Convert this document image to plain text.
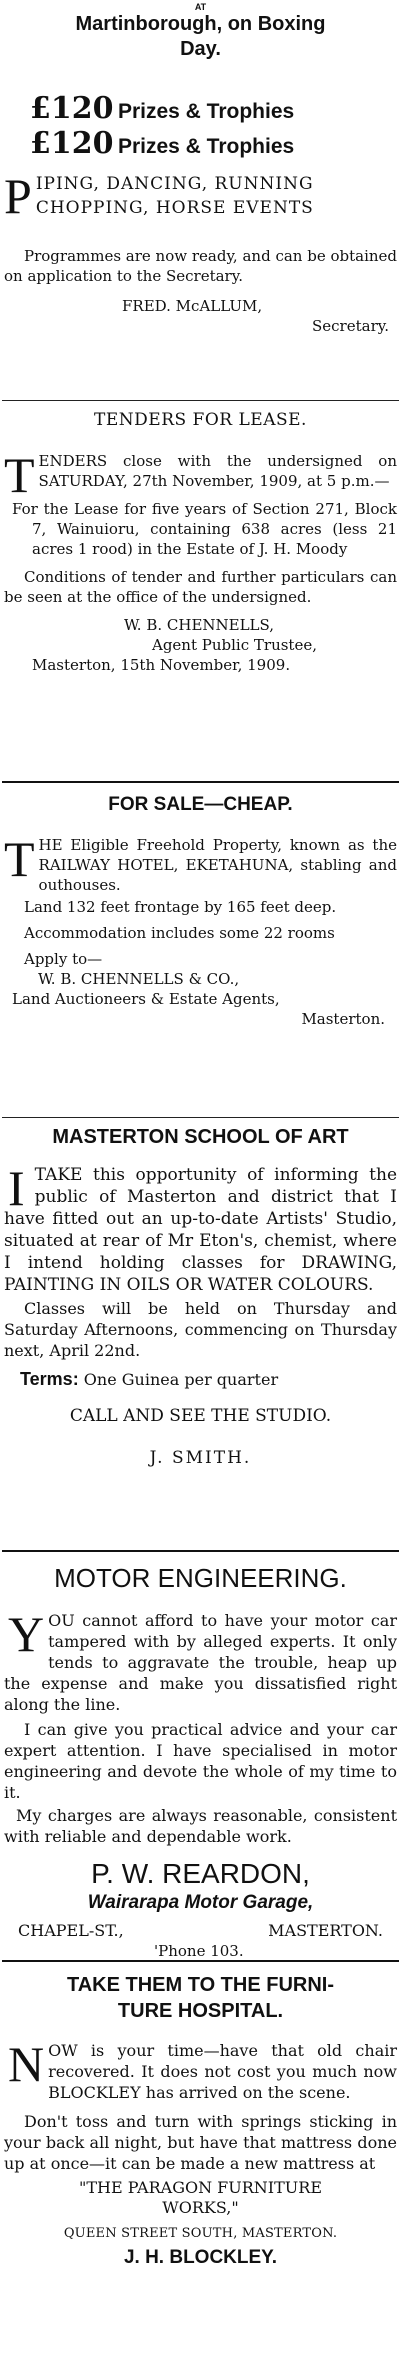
AT
Martinborough, on Boxing
Day.
£120 Prizes & Trophies
£120 Prizes & Trophies
P IPING, DANCING, RUNNING
CHOPPING, HORSE EVENTS

Programmes are now ready, and can be obtained on application to the Secretary.

FRED. McALLUM,
Secretary.
TENDERS FOR LEASE.
T ENDERS close with the undersigned on SATURDAY, 27th November, 1909, at 5 p.m.—

For the Lease for five years of Section 271, Block 7, Wainuioru, containing 638 acres (less 21 acres 1 rood) in the Estate of J. H. Moody

Conditions of tender and further particulars can be seen at the office of the undersigned.

W. B. CHENNELLS,
Agent Public Trustee,
Masterton, 15th November, 1909.
FOR SALE—CHEAP.
T HE Eligible Freehold Property, known as the RAILWAY HOTEL, EKETAHUNA, stabling and outhouses.

Land 132 feet frontage by 165 feet deep.

Accommodation includes some 22 rooms

Apply to—
W. B. CHENNELLS & CO.,
Land Auctioneers & Estate Agents,
Masterton.
MASTERTON SCHOOL OF ART
I TAKE this opportunity of informing the public of Masterton and district that I have fitted out an up-to-date Artists' Studio, situated at rear of Mr Eton's, chemist, where I intend holding classes for DRAWING, PAINTING IN OILS OR WATER COLOURS.

Classes will be held on Thursday and Saturday Afternoons, commencing on Thursday next, April 22nd.

Terms: One Guinea per quarter
CALL AND SEE THE STUDIO.
J. SMITH.
MOTOR ENGINEERING.
Y OU cannot afford to have your motor car tampered with by alleged experts. It only tends to aggravate the trouble, heap up the expense and make you dissatisfied right along the line.

I can give you practical advice and your car expert attention. I have specialised in motor engineering and devote the whole of my time to it.

My charges are always reasonable, consistent with reliable and dependable work.

P. W. REARDON,
Wairarapa Motor Garage,
CHAPEL-ST.,	MASTERTON.
'Phone 103.
TAKE THEM TO THE FURNI-
TURE HOSPITAL.
N OW is your time—have that old chair recovered. It does not cost you much now BLOCKLEY has arrived on the scene.

Don't toss and turn with springs sticking in your back all night, but have that mattress done up at once—it can be made a new mattress at

"THE PARAGON FURNITURE
WORKS,"
QUEEN STREET SOUTH, MASTERTON.
J. H. BLOCKLEY.
